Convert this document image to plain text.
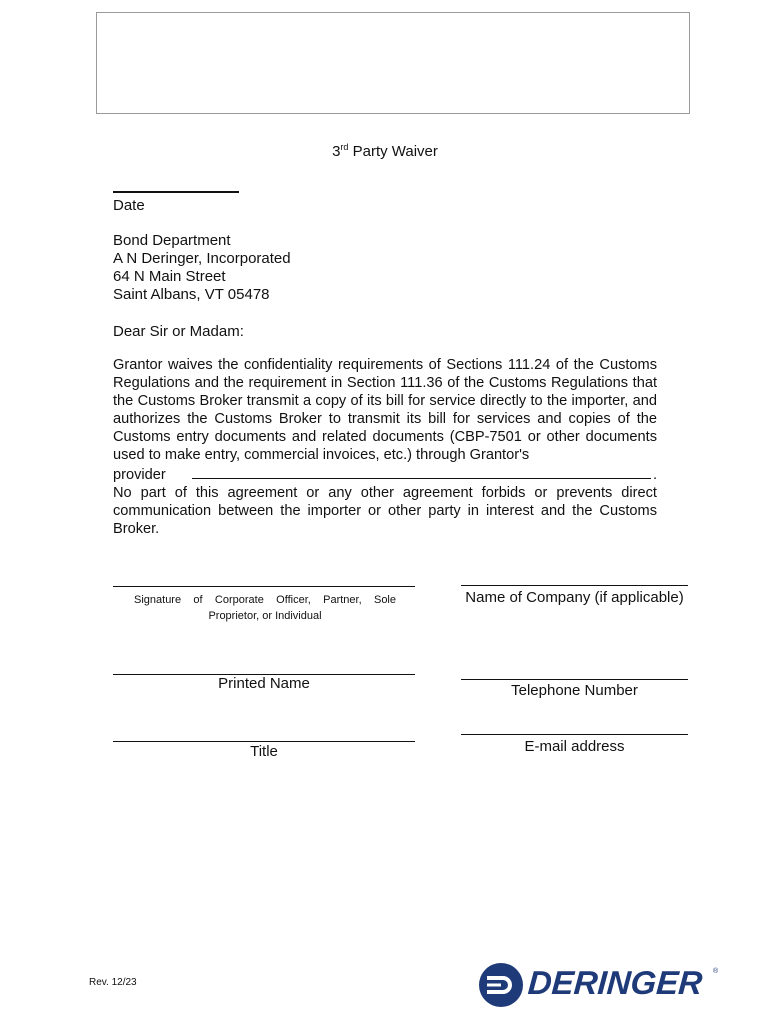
3rd Party Waiver
Date
Bond Department
A N Deringer, Incorporated
64 N Main Street
Saint Albans, VT 05478
Dear Sir or Madam:

Grantor waives the confidentiality requirements of Sections 111.24 of the Customs Regulations and the requirement in Section 111.36 of the Customs Regulations that the Customs Broker transmit a copy of its bill for service directly to the importer, and authorizes the Customs Broker to transmit its bill for services and copies of the Customs entry documents and related documents (CBP-7501 or other documents used to make entry, commercial invoices, etc.) through Grantor's

provider	.

No part of this agreement or any other agreement forbids or prevents direct communication between the importer or other party in interest and the Customs Broker.

Signature of Corporate Officer, Partner, Sole Proprietor, or Individual
Name of Company (if applicable)
Printed Name	Telephone Number
Title	E-mail address
Rev. 12/23	DERINGER ®
